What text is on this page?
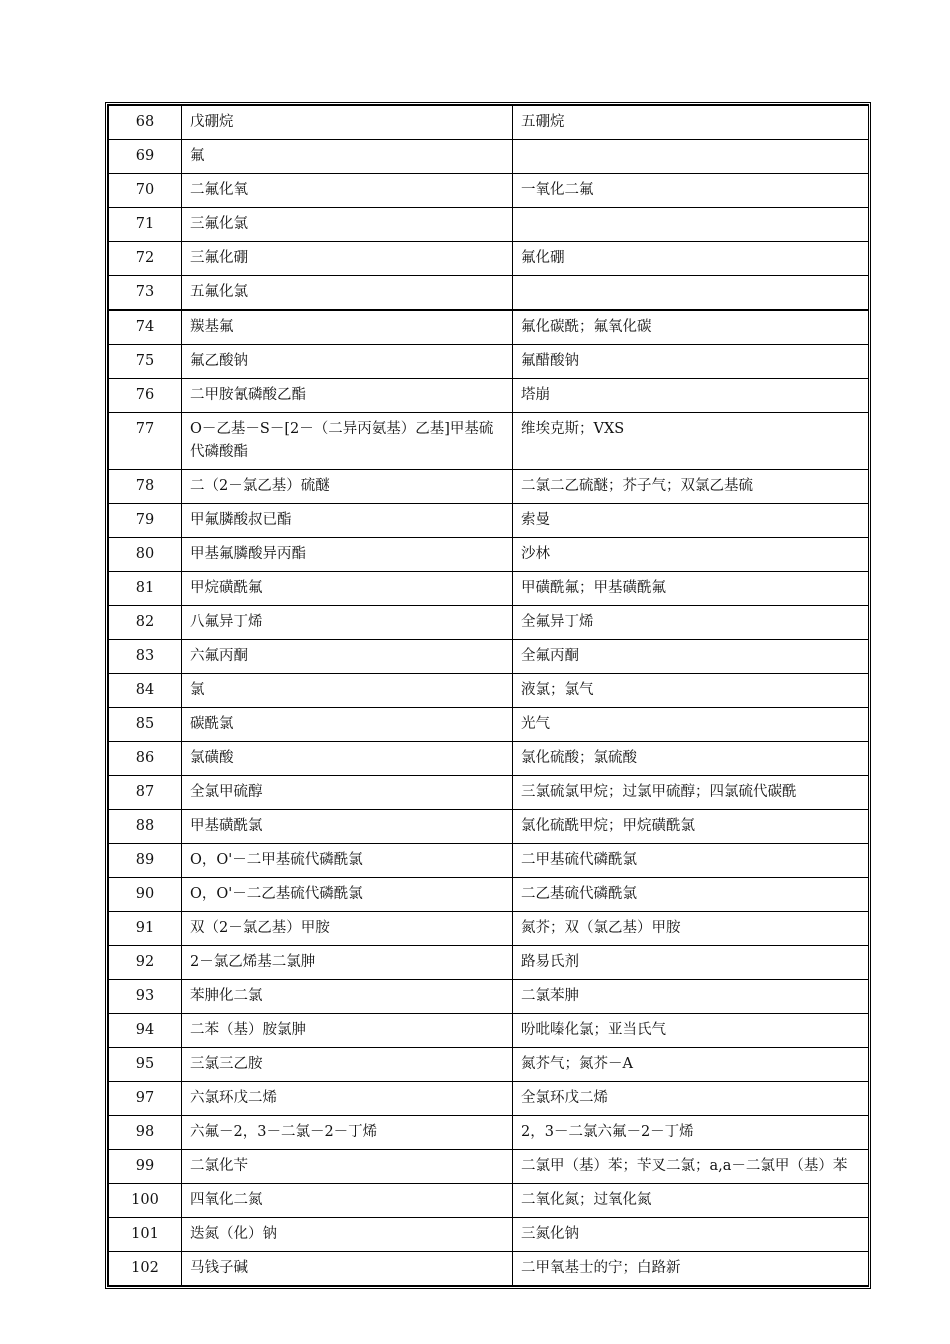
68	戊硼烷	五硼烷
69	氟	
70	二氟化氧	一氧化二氟
71	三氟化氯	
72	三氟化硼	氟化硼
73	五氟化氯	
74	羰基氟	氟化碳酰；氟氧化碳
75	氟乙酸钠	氟醋酸钠
76	二甲胺氰磷酸乙酯	塔崩
77	O－乙基－S－[2－（二异丙氨基）乙基]甲基硫代磷酸酯	维埃克斯；VXS
78	二（2－氯乙基）硫醚	二氯二乙硫醚；芥子气；双氯乙基硫
79	甲氟膦酸叔已酯	索曼
80	甲基氟膦酸异丙酯	沙林
81	甲烷磺酰氟	甲磺酰氟；甲基磺酰氟
82	八氟异丁烯	全氟异丁烯
83	六氟丙酮	全氟丙酮
84	氯	液氯；氯气
85	碳酰氯	光气
86	氯磺酸	氯化硫酸；氯硫酸
87	全氯甲硫醇	三氯硫氯甲烷；过氯甲硫醇；四氯硫代碳酰
88	甲基磺酰氯	氯化硫酰甲烷；甲烷磺酰氯
89	O，O'－二甲基硫代磷酰氯	二甲基硫代磷酰氯
90	O，O'－二乙基硫代磷酰氯	二乙基硫代磷酰氯
91	双（2－氯乙基）甲胺	氮芥；双（氯乙基）甲胺
92	2－氯乙烯基二氯胂	路易氏剂
93	苯胂化二氯	二氯苯胂
94	二苯（基）胺氯胂	吩吡嗪化氯；亚当氏气
95	三氯三乙胺	氮芥气；氮芥－A
97	六氯环戊二烯	全氯环戊二烯
98	六氟－2，3－二氯－2－丁烯	2，3－二氯六氟－2－丁烯
99	二氯化苄	二氯甲（基）苯；苄叉二氯；a,a－二氯甲（基）苯
100	四氧化二氮	二氧化氮；过氧化氮
101	迭氮（化）钠	三氮化钠
102	马钱子碱	二甲氧基士的宁；白路新
